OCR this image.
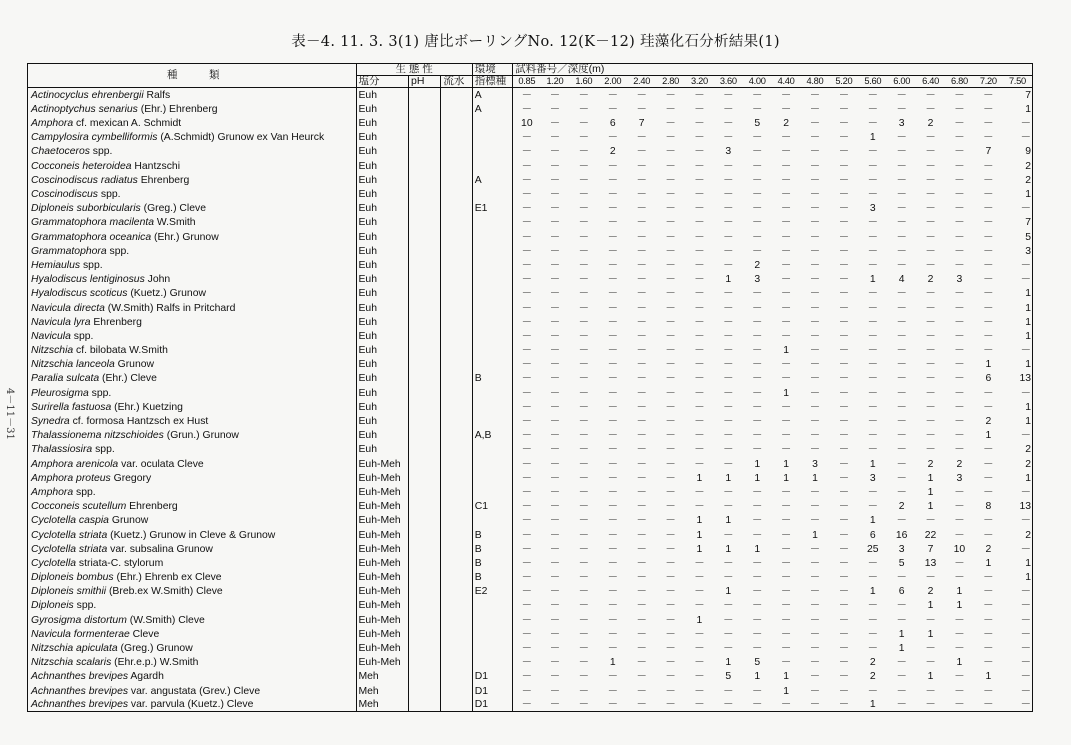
表－4. 11. 3. 3(1) 唐比ボーリングNo. 12(K－12) 珪藻化石分析結果(1)
4－11－31
種　　　類	生 態 性			環境	試料番号／深度(m)																	
	塩分	pH	流水	指標種	0.85	1.20	1.60	2.00	2.40	2.80	3.20	3.60	4.00	4.40	4.80	5.20	5.60	6.00	6.40	6.80	7.20	7.50
Actinocyclus ehrenbergii Ralfs	Euh			A	－	－	－	－	－	－	－	－	－	－	－	－	－	－	－	－	－	7
Actinoptychus senarius (Ehr.) Ehrenberg	Euh			A	－	－	－	－	－	－	－	－	－	－	－	－	－	－	－	－	－	1
Amphora cf. mexican A. Schmidt	Euh				10	－	－	6	7	－	－	－	5	2	－	－	－	3	2	－	－	－
Campylosira cymbelliformis (A.Schmidt) Grunow ex Van Heurck	Euh				－	－	－	－	－	－	－	－	－	－	－	－	1	－	－	－	－	－
Chaetoceros spp.	Euh				－	－	－	2	－	－	－	3	－	－	－	－	－	－	－	－	7	9
Cocconeis heteroidea Hantzschi	Euh				－	－	－	－	－	－	－	－	－	－	－	－	－	－	－	－	－	2
Coscinodiscus radiatus Ehrenberg	Euh			A	－	－	－	－	－	－	－	－	－	－	－	－	－	－	－	－	－	2
Coscinodiscus spp.	Euh				－	－	－	－	－	－	－	－	－	－	－	－	－	－	－	－	－	1
Diploneis suborbicularis (Greg.) Cleve	Euh			E1	－	－	－	－	－	－	－	－	－	－	－	－	3	－	－	－	－	－
Grammatophora macilenta W.Smith	Euh				－	－	－	－	－	－	－	－	－	－	－	－	－	－	－	－	－	7
Grammatophora oceanica (Ehr.) Grunow	Euh				－	－	－	－	－	－	－	－	－	－	－	－	－	－	－	－	－	5
Grammatophora spp.	Euh				－	－	－	－	－	－	－	－	－	－	－	－	－	－	－	－	－	3
Hemiaulus spp.	Euh				－	－	－	－	－	－	－	－	2	－	－	－	－	－	－	－	－	－
Hyalodiscus lentiginosus John	Euh				－	－	－	－	－	－	－	1	3	－	－	－	1	4	2	3	－	－
Hyalodiscus scoticus (Kuetz.) Grunow	Euh				－	－	－	－	－	－	－	－	－	－	－	－	－	－	－	－	－	1
Navicula directa (W.Smith) Ralfs in Pritchard	Euh				－	－	－	－	－	－	－	－	－	－	－	－	－	－	－	－	－	1
Navicula lyra Ehrenberg	Euh				－	－	－	－	－	－	－	－	－	－	－	－	－	－	－	－	－	1
Navicula spp.	Euh				－	－	－	－	－	－	－	－	－	－	－	－	－	－	－	－	－	1
Nitzschia cf. bilobata W.Smith	Euh				－	－	－	－	－	－	－	－	－	1	－	－	－	－	－	－	－	－
Nitzschia lanceola Grunow	Euh				－	－	－	－	－	－	－	－	－	－	－	－	－	－	－	－	1	1
Paralia sulcata (Ehr.) Cleve	Euh			B	－	－	－	－	－	－	－	－	－	－	－	－	－	－	－	－	6	13
Pleurosigma spp.	Euh				－	－	－	－	－	－	－	－	－	1	－	－	－	－	－	－	－	－
Surirella fastuosa (Ehr.) Kuetzing	Euh				－	－	－	－	－	－	－	－	－	－	－	－	－	－	－	－	－	1
Synedra cf. formosa Hantzsch ex Hust	Euh				－	－	－	－	－	－	－	－	－	－	－	－	－	－	－	－	2	1
Thalassionema nitzschioides (Grun.) Grunow	Euh			A,B	－	－	－	－	－	－	－	－	－	－	－	－	－	－	－	－	1	－
Thalassiosira spp.	Euh				－	－	－	－	－	－	－	－	－	－	－	－	－	－	－	－	－	2
Amphora arenicola var. oculata Cleve	Euh-Meh				－	－	－	－	－	－	－	－	1	1	3	－	1	－	2	2	－	2
Amphora proteus Gregory	Euh-Meh				－	－	－	－	－	－	1	1	1	1	1	－	3	－	1	3	－	1
Amphora spp.	Euh-Meh				－	－	－	－	－	－	－	－	－	－	－	－	－	－	1	－	－	－
Cocconeis scutellum Ehrenberg	Euh-Meh			C1	－	－	－	－	－	－	－	－	－	－	－	－	－	2	1	－	8	13
Cyclotella caspia Grunow	Euh-Meh				－	－	－	－	－	－	1	1	－	－	－	－	1	－	－	－	－	－
Cyclotella striata (Kuetz.) Grunow in Cleve & Grunow	Euh-Meh			B	－	－	－	－	－	－	1	－	－	－	1	－	6	16	22	－	－	2
Cyclotella striata var. subsalina Grunow	Euh-Meh			B	－	－	－	－	－	－	1	1	1	－	－	－	25	3	7	10	2	－
Cyclotella striata-C. stylorum	Euh-Meh			B	－	－	－	－	－	－	－	－	－	－	－	－	－	5	13	－	1	1
Diploneis bombus (Ehr.) Ehrenb ex Cleve	Euh-Meh			B	－	－	－	－	－	－	－	－	－	－	－	－	－	－	－	－	－	1
Diploneis smithii (Breb.ex W.Smith) Cleve	Euh-Meh			E2	－	－	－	－	－	－	－	1	－	－	－	－	1	6	2	1	－	－
Diploneis spp.	Euh-Meh				－	－	－	－	－	－	－	－	－	－	－	－	－	－	1	1	－	－
Gyrosigma distortum (W.Smith) Cleve	Euh-Meh				－	－	－	－	－	－	1	－	－	－	－	－	－	－	－	－	－	－
Navicula formenterae Cleve	Euh-Meh				－	－	－	－	－	－	－	－	－	－	－	－	－	1	1	－	－	－
Nitzschia apiculata (Greg.) Grunow	Euh-Meh				－	－	－	－	－	－	－	－	－	－	－	－	－	1	－	－	－	－
Nitzschia scalaris (Ehr.e.p.) W.Smith	Euh-Meh				－	－	－	1	－	－	－	1	5	－	－	－	2	－	－	1	－	－
Achnanthes brevipes Agardh	Meh			D1	－	－	－	－	－	－	－	5	1	1	－	－	2	－	1	－	1	－
Achnanthes brevipes var. angustata (Grev.) Cleve	Meh			D1	－	－	－	－	－	－	－	－	－	1	－	－	－	－	－	－	－	－
Achnanthes brevipes var. parvula (Kuetz.) Cleve	Meh			D1	－	－	－	－	－	－	－	－	－	－	－	－	1	－	－	－	－	－
